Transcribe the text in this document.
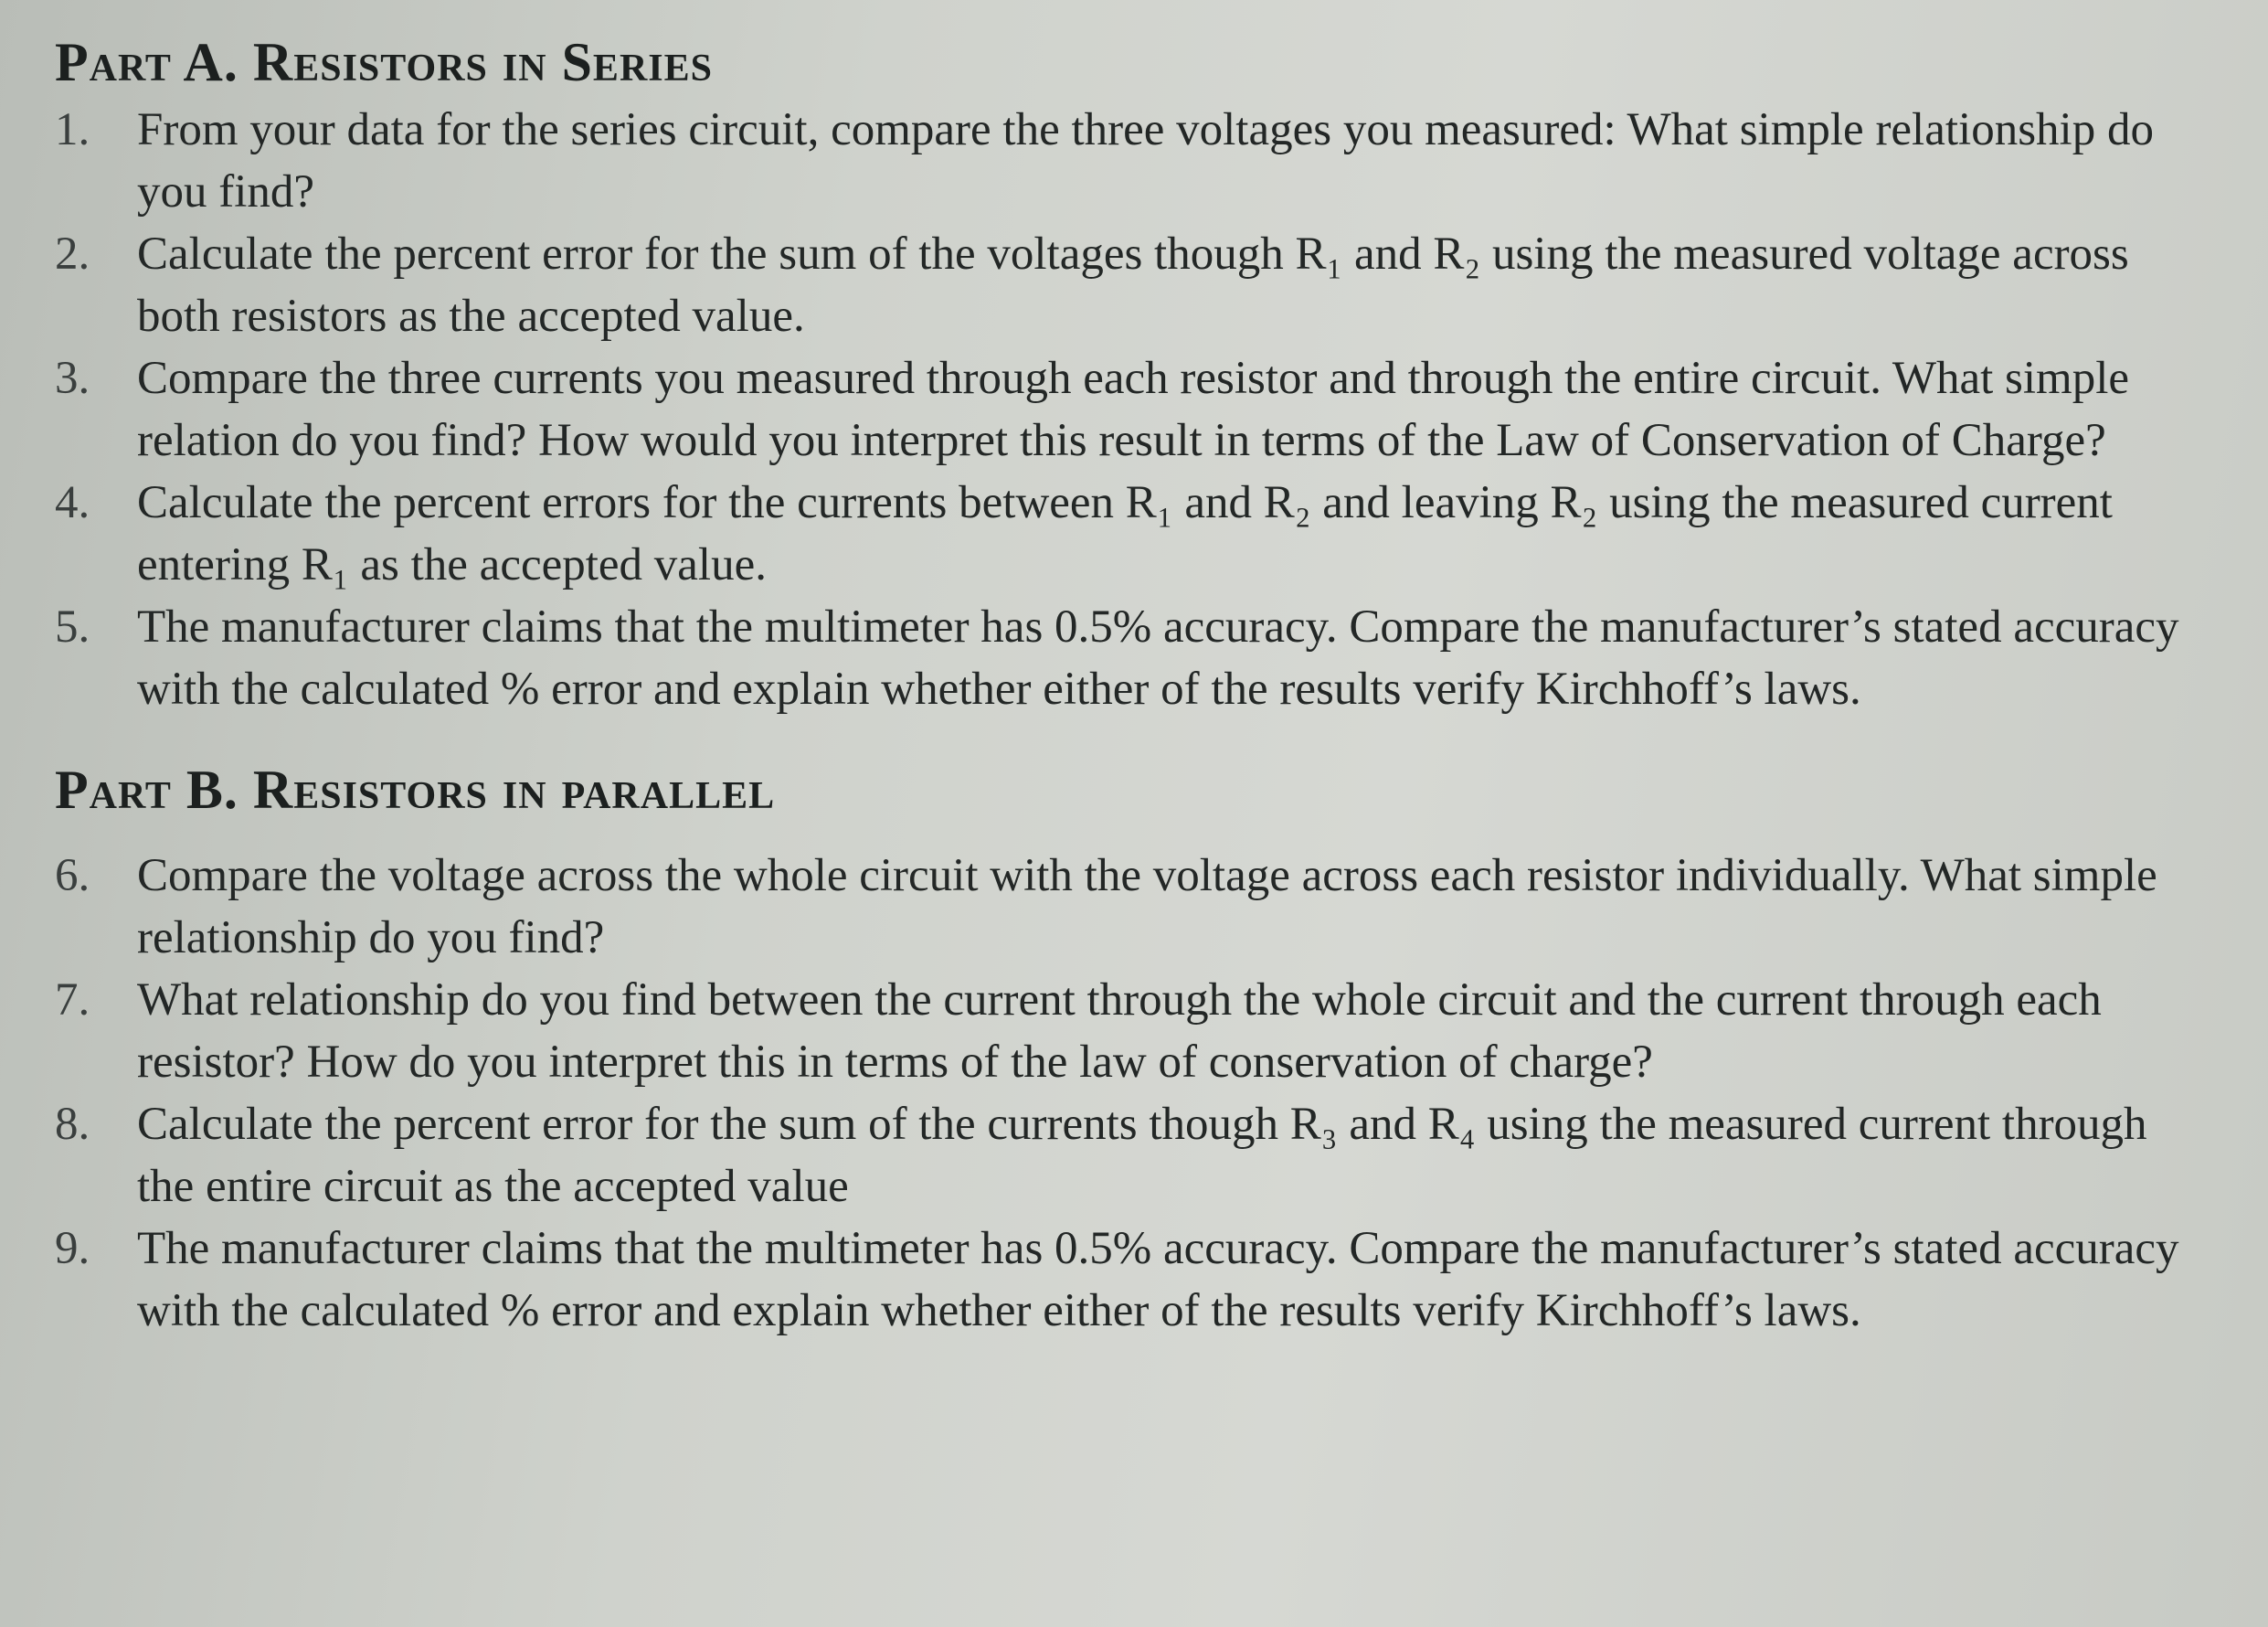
Part A. Resistors in Series
1.	From your data for the series circuit, compare the three voltages you measured: What simple relationship do you find?
2.	Calculate the percent error for the sum of the voltages though R₁ and R₂ using the measured voltage across both resistors as the accepted value.
3.	Compare the three currents you measured through each resistor and through the entire circuit. What simple relation do you find? How would you interpret this result in terms of the Law of Conservation of Charge?
4.	Calculate the percent errors for the currents between R₁ and R₂ and leaving R₂ using the measured current entering R₁ as the accepted value.
5.	The manufacturer claims that the multimeter has 0.5% accuracy. Compare the manufacturer’s stated accuracy with the calculated % error and explain whether either of the results verify Kirchhoff’s laws.
Part B. Resistors in parallel
6.	Compare the voltage across the whole circuit with the voltage across each resistor individually. What simple relationship do you find?
7.	What relationship do you find between the current through the whole circuit and the current through each resistor? How do you interpret this in terms of the law of conservation of charge?
8.	Calculate the percent error for the sum of the currents though R₃ and R₄ using the measured current through the entire circuit as the accepted value
9.	The manufacturer claims that the multimeter has 0.5% accuracy. Compare the manufacturer’s stated accuracy with the calculated % error and explain whether either of the results verify Kirchhoff’s laws.
